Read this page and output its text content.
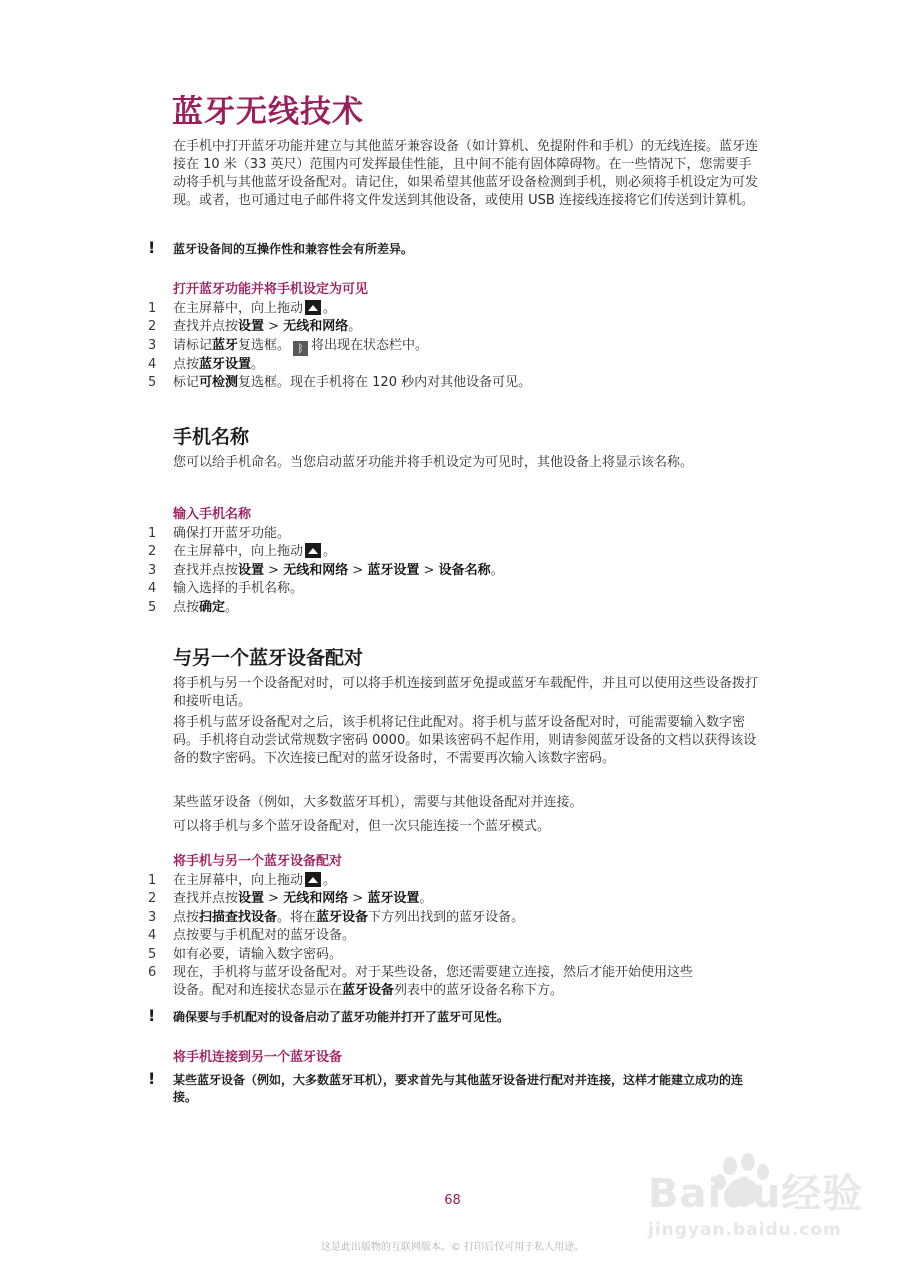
蓝牙无线技术

在手机中打开蓝牙功能并建立与其他蓝牙兼容设备（如计算机、免提附件和手机）的无线连接。蓝牙连接在 10 米（33 英尺）范围内可发挥最佳性能，且中间不能有固体障碍物。在一些情况下，您需要手动将手机与其他蓝牙设备配对。请记住，如果希望其他蓝牙设备检测到手机，则必须将手机设定为可发现。或者，也可通过电子邮件将文件发送到其他设备，或使用 USB 连接线连接将它们传送到计算机。

! 蓝牙设备间的互操作性和兼容性会有所差异。
打开蓝牙功能并将手机设定为可见
1	在主屏幕中，向上拖动 。
2	查找并点按设置 > 无线和网络。
3	请标记蓝牙复选框。 ᛒ 将出现在状态栏中。
4	点按蓝牙设置。
5	标记可检测复选框。现在手机将在 120 秒内对其他设备可见。
手机名称

您可以给手机命名。当您启动蓝牙功能并将手机设定为可见时，其他设备上将显示该名称。

输入手机名称
1	确保打开蓝牙功能。
2	在主屏幕中，向上拖动 。
3	查找并点按设置 > 无线和网络 > 蓝牙设置 > 设备名称。
4	输入选择的手机名称。
5	点按确定。
与另一个蓝牙设备配对

将手机与另一个设备配对时，可以将手机连接到蓝牙免提或蓝牙车载配件，并且可以使用这些设备拨打和接听电话。

将手机与蓝牙设备配对之后，该手机将记住此配对。将手机与蓝牙设备配对时，可能需要输入数字密码。手机将自动尝试常规数字密码 0000。如果该密码不起作用，则请参阅蓝牙设备的文档以获得该设备的数字密码。下次连接已配对的蓝牙设备时，不需要再次输入该数字密码。

某些蓝牙设备（例如，大多数蓝牙耳机），需要与其他设备配对并连接。

可以将手机与多个蓝牙设备配对，但一次只能连接一个蓝牙模式。

将手机与另一个蓝牙设备配对
1	在主屏幕中，向上拖动 。
2	查找并点按设置 > 无线和网络 > 蓝牙设置。
3	点按扫描查找设备。将在蓝牙设备下方列出找到的蓝牙设备。
4	点按要与手机配对的蓝牙设备。
5	如有必要，请输入数字密码。
6	现在，手机将与蓝牙设备配对。对于某些设备，您还需要建立连接，然后才能开始使用这些设备。配对和连接状态显示在蓝牙设备列表中的蓝牙设备名称下方。
! 确保要与手机配对的设备启动了蓝牙功能并打开了蓝牙可见性。
将手机连接到另一个蓝牙设备
! 某些蓝牙设备（例如，大多数蓝牙耳机），要求首先与其他蓝牙设备进行配对并连接，这样才能建立成功的连接。
Baidu经验
jingyan.baidu.com
68
这是此出版物的互联网版本。© 打印后仅可用于私人用途。
